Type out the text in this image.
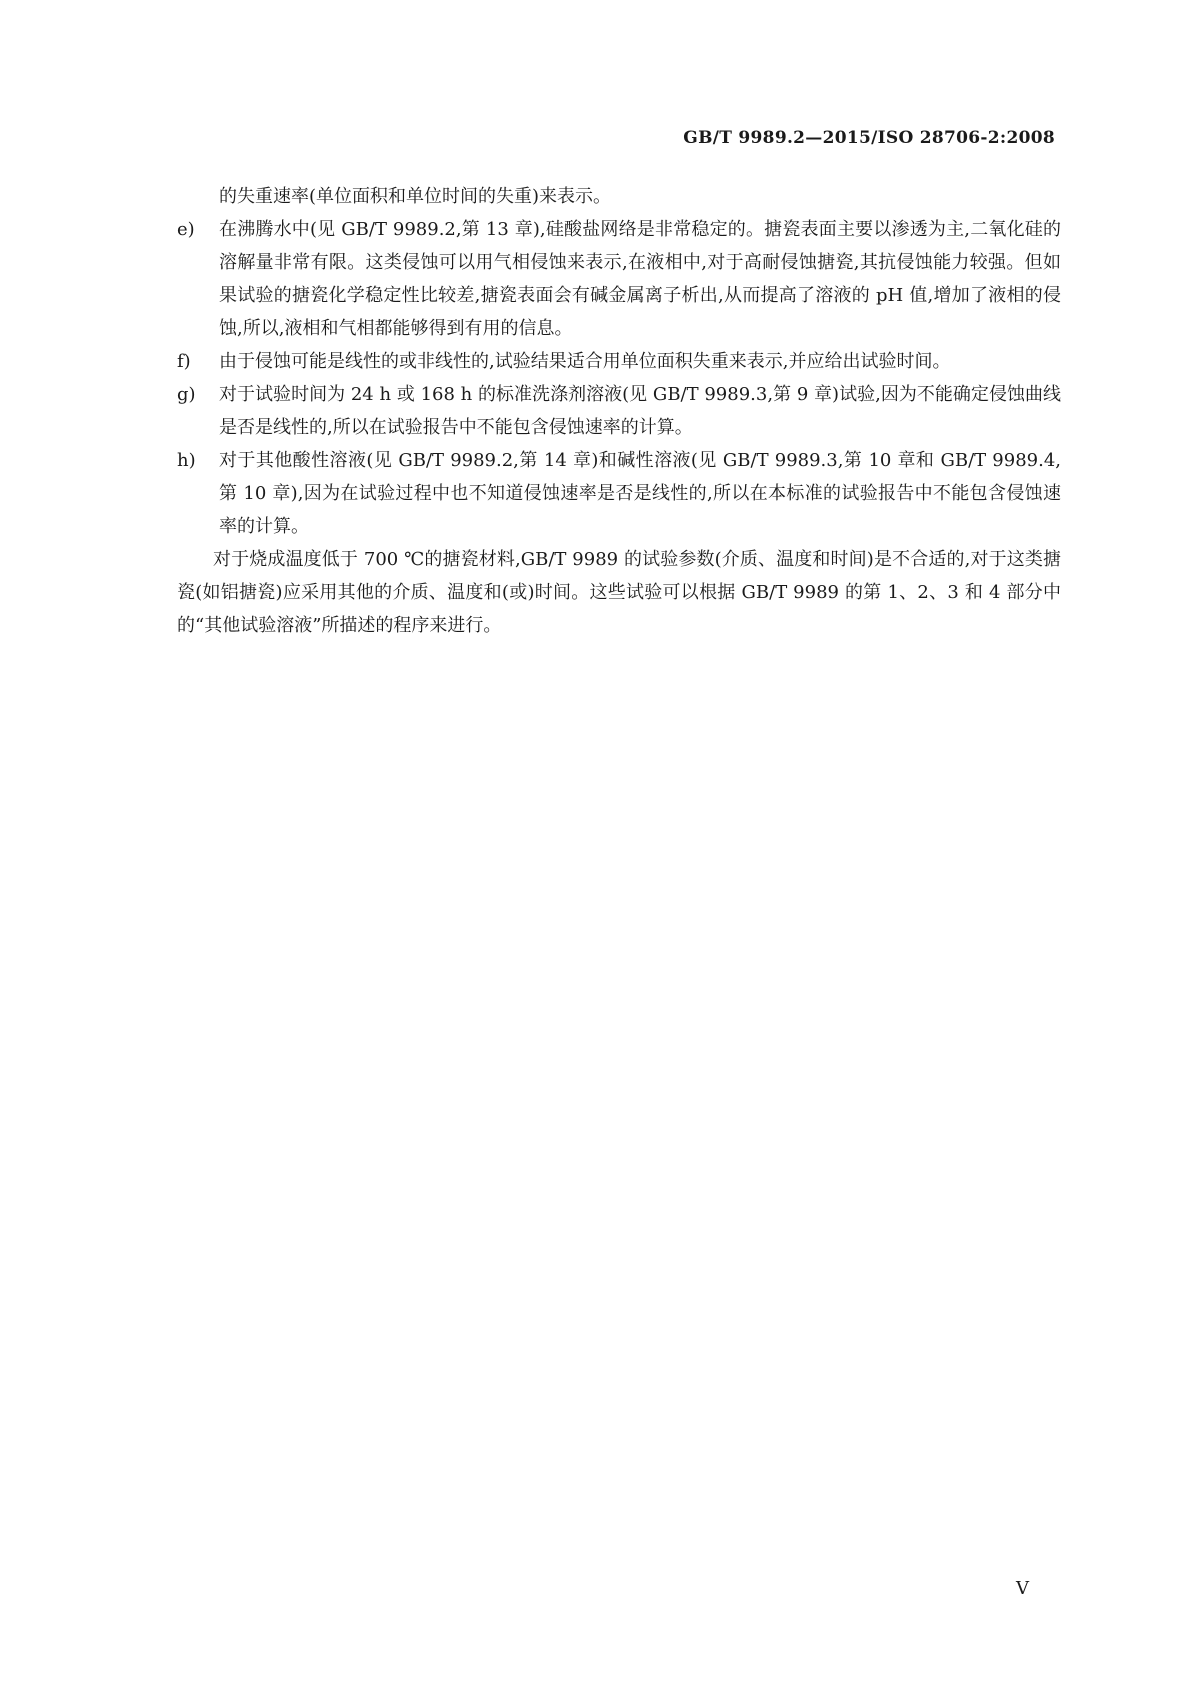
GB/T 9989.2—2015/ISO 28706-2:2008
的失重速率(单位面积和单位时间的失重)来表示。
e)	在沸腾水中(见 GB/T 9989.2,第 13 章),硅酸盐网络是非常稳定的。搪瓷表面主要以渗透为主,二氧化硅的溶解量非常有限。这类侵蚀可以用气相侵蚀来表示,在液相中,对于高耐侵蚀搪瓷,其抗侵蚀能力较强。但如果试验的搪瓷化学稳定性比较差,搪瓷表面会有碱金属离子析出,从而提高了溶液的 pH 值,增加了液相的侵蚀,所以,液相和气相都能够得到有用的信息。
f)	由于侵蚀可能是线性的或非线性的,试验结果适合用单位面积失重来表示,并应给出试验时间。
g)	对于试验时间为 24 h 或 168 h 的标准洗涤剂溶液(见 GB/T 9989.3,第 9 章)试验,因为不能确定侵蚀曲线是否是线性的,所以在试验报告中不能包含侵蚀速率的计算。
h)	对于其他酸性溶液(见 GB/T 9989.2,第 14 章)和碱性溶液(见 GB/T 9989.3,第 10 章和 GB/T 9989.4,第 10 章),因为在试验过程中也不知道侵蚀速率是否是线性的,所以在本标准的试验报告中不能包含侵蚀速率的计算。
对于烧成温度低于 700 ℃的搪瓷材料,GB/T 9989 的试验参数(介质、温度和时间)是不合适的,对于这类搪瓷(如铝搪瓷)应采用其他的介质、温度和(或)时间。这些试验可以根据 GB/T 9989 的第 1、2、3 和 4 部分中的“其他试验溶液”所描述的程序来进行。
V
